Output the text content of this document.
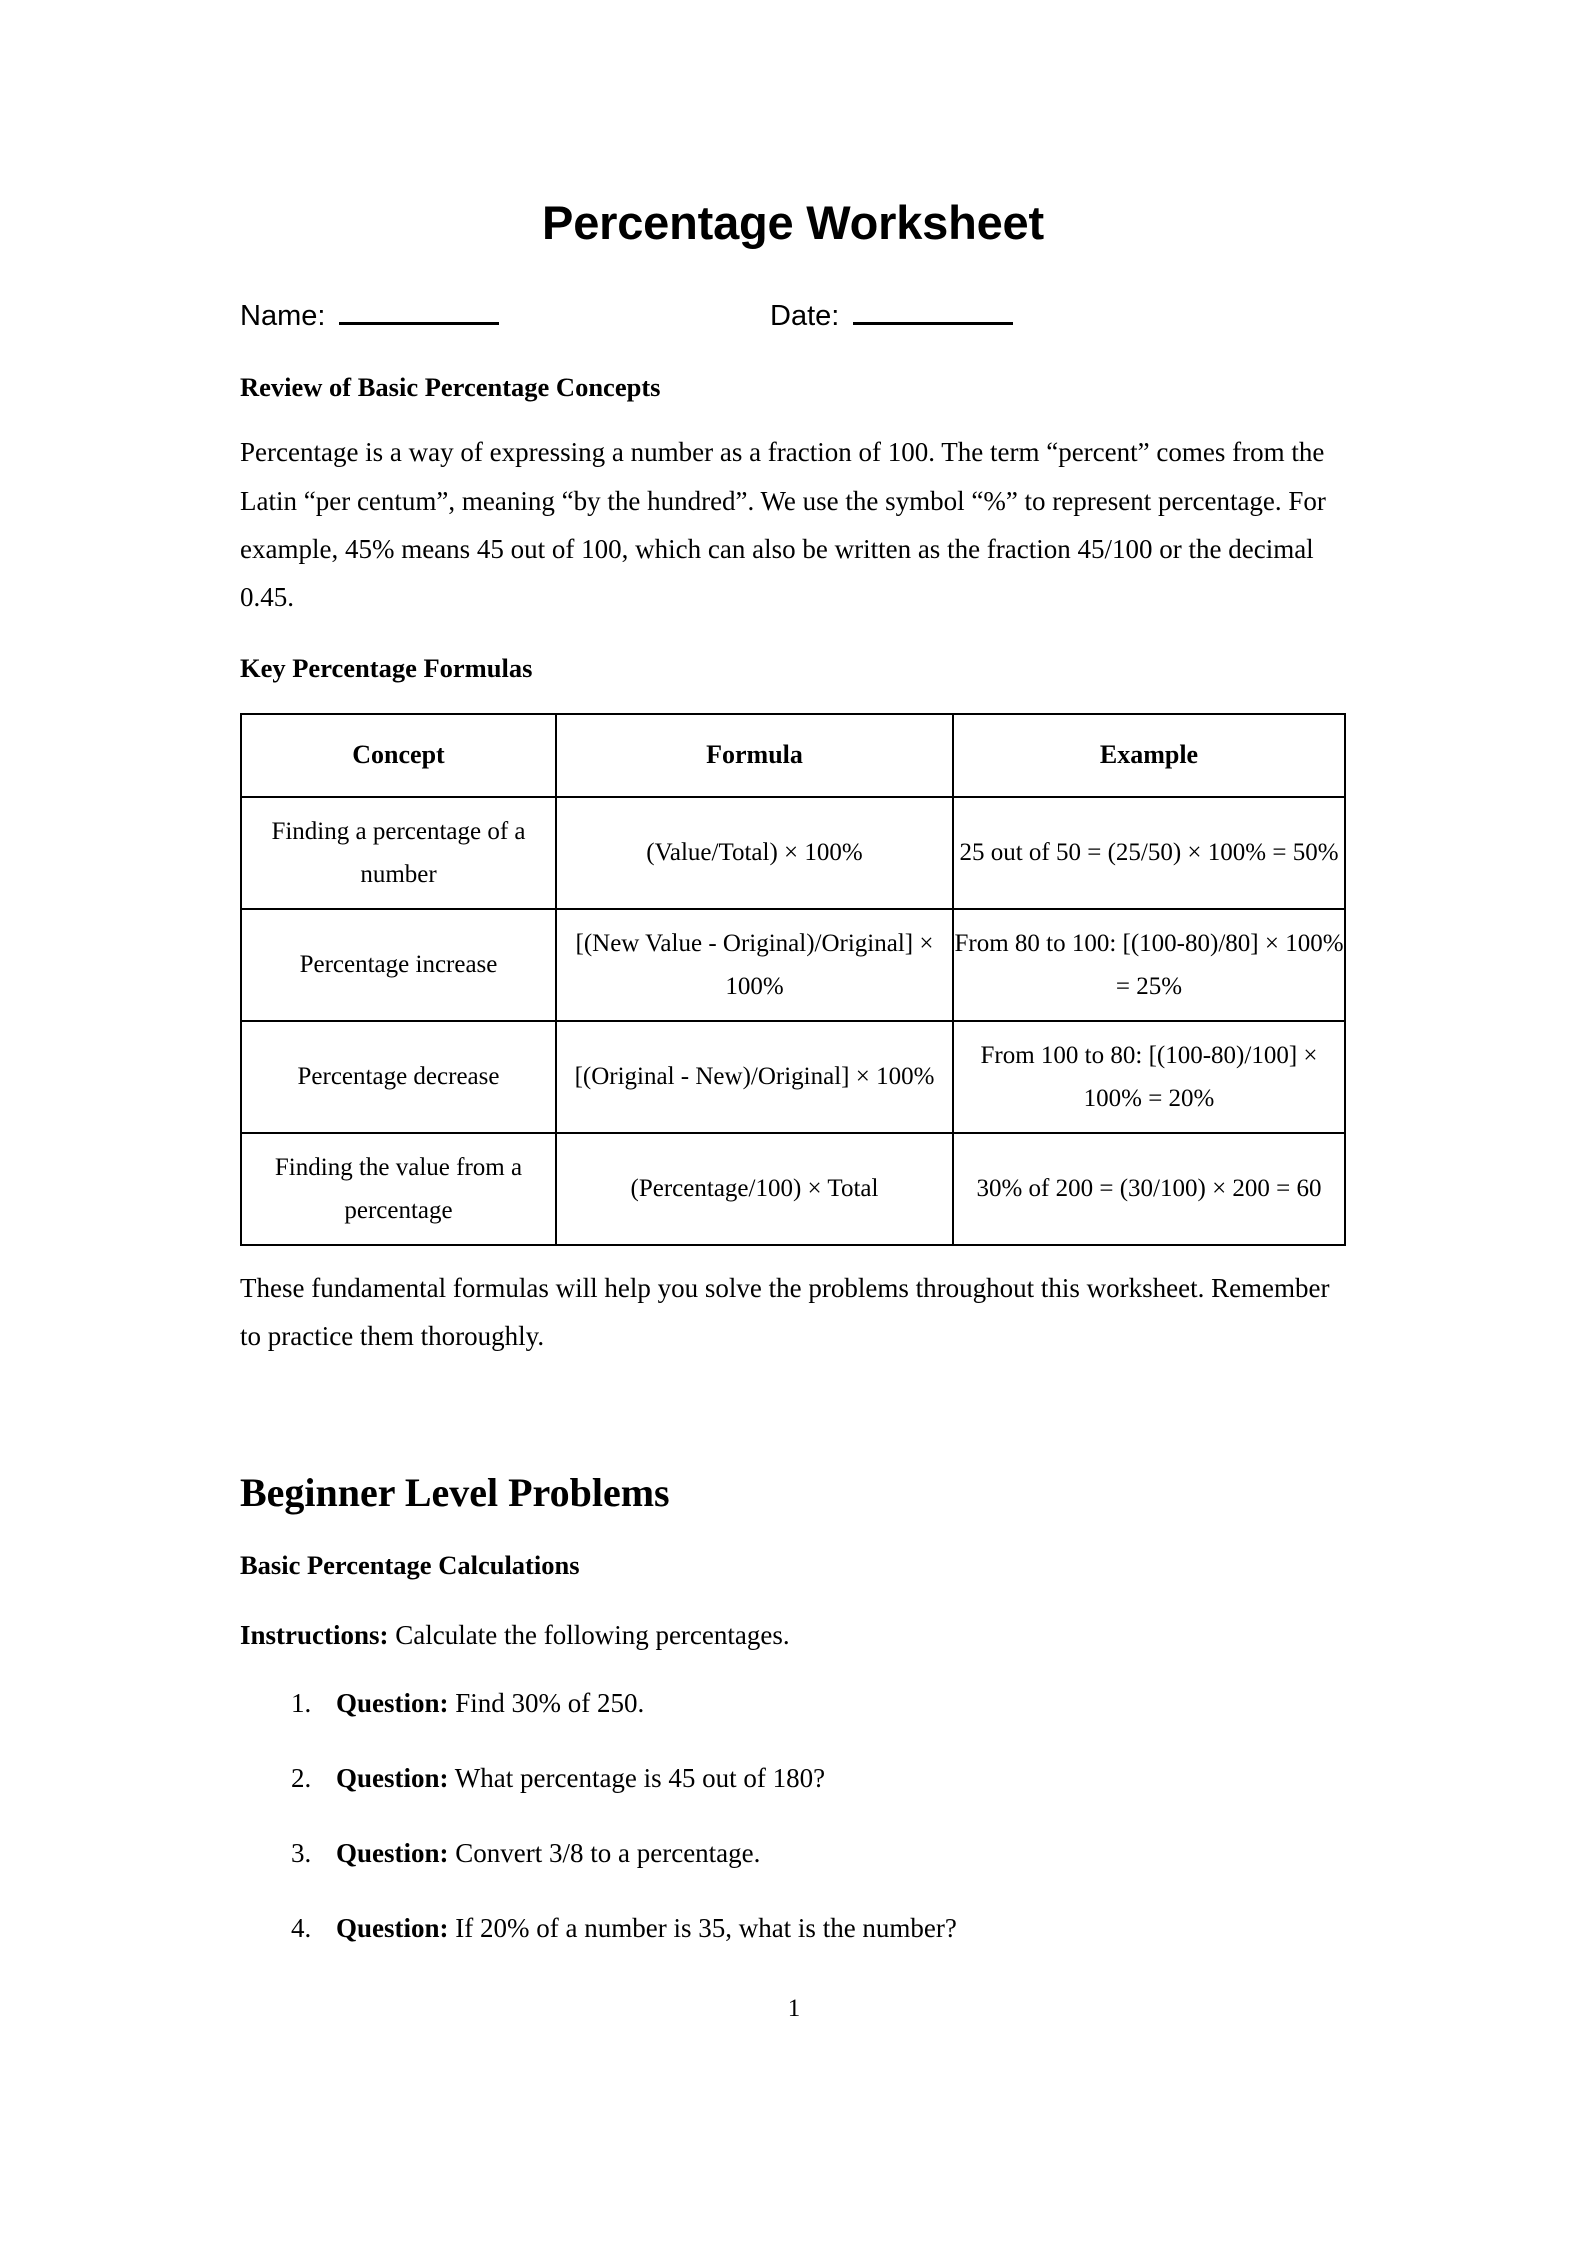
Percentage Worksheet
Name:	Date:
Review of Basic Percentage Concepts

Percentage is a way of expressing a number as a fraction of 100. The term “percent” comes from the Latin “per centum”, meaning “by the hundred”. We use the symbol “%” to represent percentage. For example, 45% means 45 out of 100, which can also be written as the fraction 45/100 or the decimal 0.45.

Key Percentage Formulas
Concept	Formula	Example
Finding a percentage of a number	(Value/Total) × 100%	25 out of 50 = (25/50) × 100% = 50%
Percentage increase	[(New Value - Original)/Original] × 100%	From 80 to 100: [(100-80)/80] × 100% = 25%
Percentage decrease	[(Original - New)/Original] × 100%	From 100 to 80: [(100-80)/100] × 100% = 20%
Finding the value from a percentage	(Percentage/100) × Total	30% of 200 = (30/100) × 200 = 60

These fundamental formulas will help you solve the problems throughout this worksheet. Remember to practice them thoroughly.

Beginner Level Problems
Basic Percentage Calculations

Instructions: Calculate the following percentages.

1. Question: Find 30% of 250.
2. Question: What percentage is 45 out of 180?
3. Question: Convert 3/8 to a percentage.
4. Question: If 20% of a number is 35, what is the number?
1
